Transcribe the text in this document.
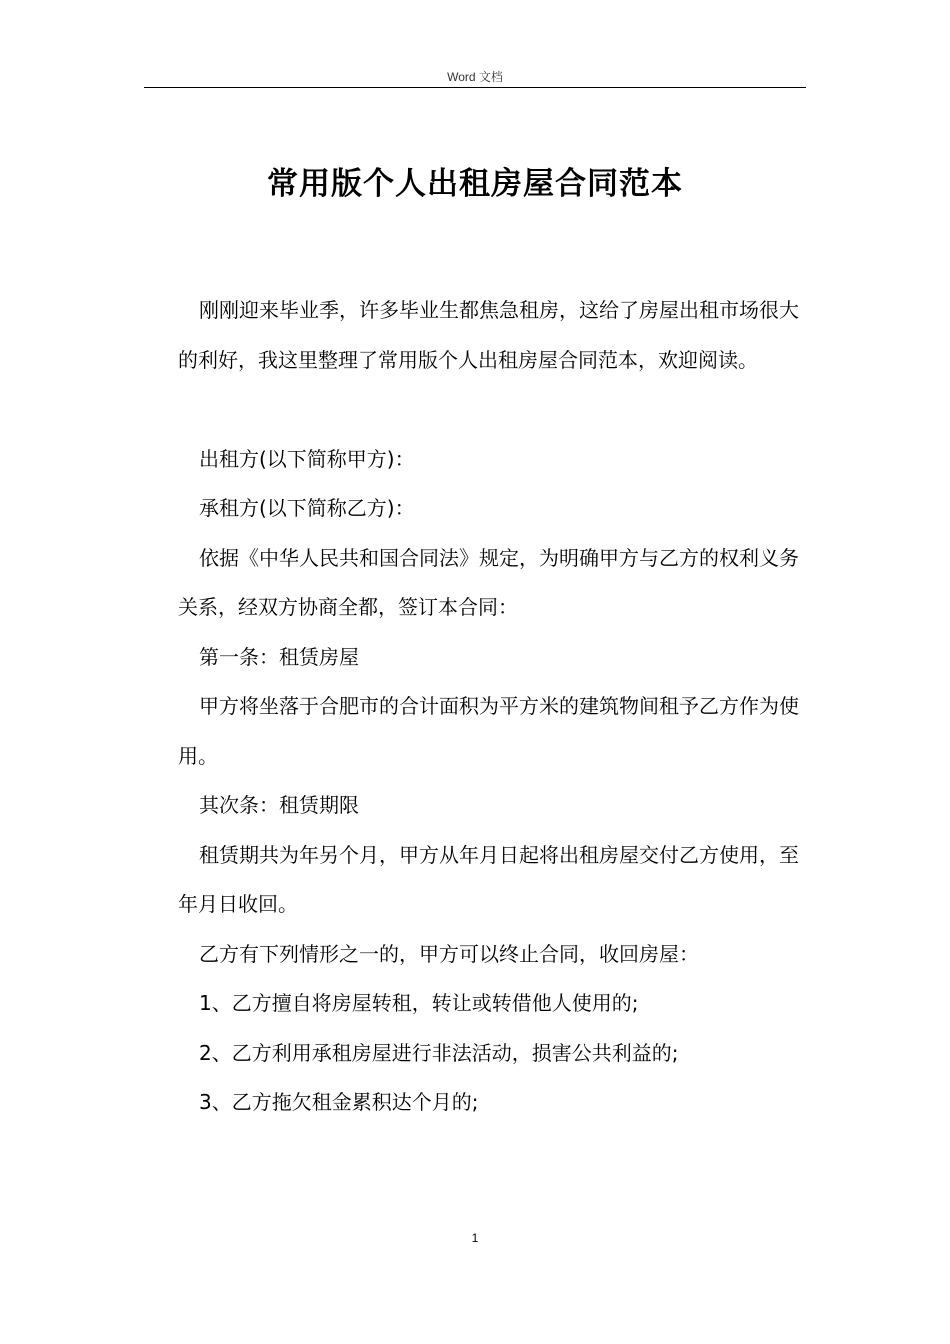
Word 文档
常用版个人出租房屋合同范本

刚刚迎来毕业季，许多毕业生都焦急租房，这给了房屋出租市场很大的利好，我这里整理了常用版个人出租房屋合同范本，欢迎阅读。

出租方(以下简称甲方)：

承租方(以下简称乙方)：

依据《中华人民共和国合同法》规定，为明确甲方与乙方的权利义务关系，经双方协商全都，签订本合同：

第一条：租赁房屋

甲方将坐落于合肥市的合计面积为平方米的建筑物间租予乙方作为使用。

其次条：租赁期限

租赁期共为年另个月，甲方从年月日起将出租房屋交付乙方使用，至年月日收回。

乙方有下列情形之一的，甲方可以终止合同，收回房屋：

1、乙方擅自将房屋转租，转让或转借他人使用的;

2、乙方利用承租房屋进行非法活动，损害公共利益的;

3、乙方拖欠租金累积达个月的;

1
